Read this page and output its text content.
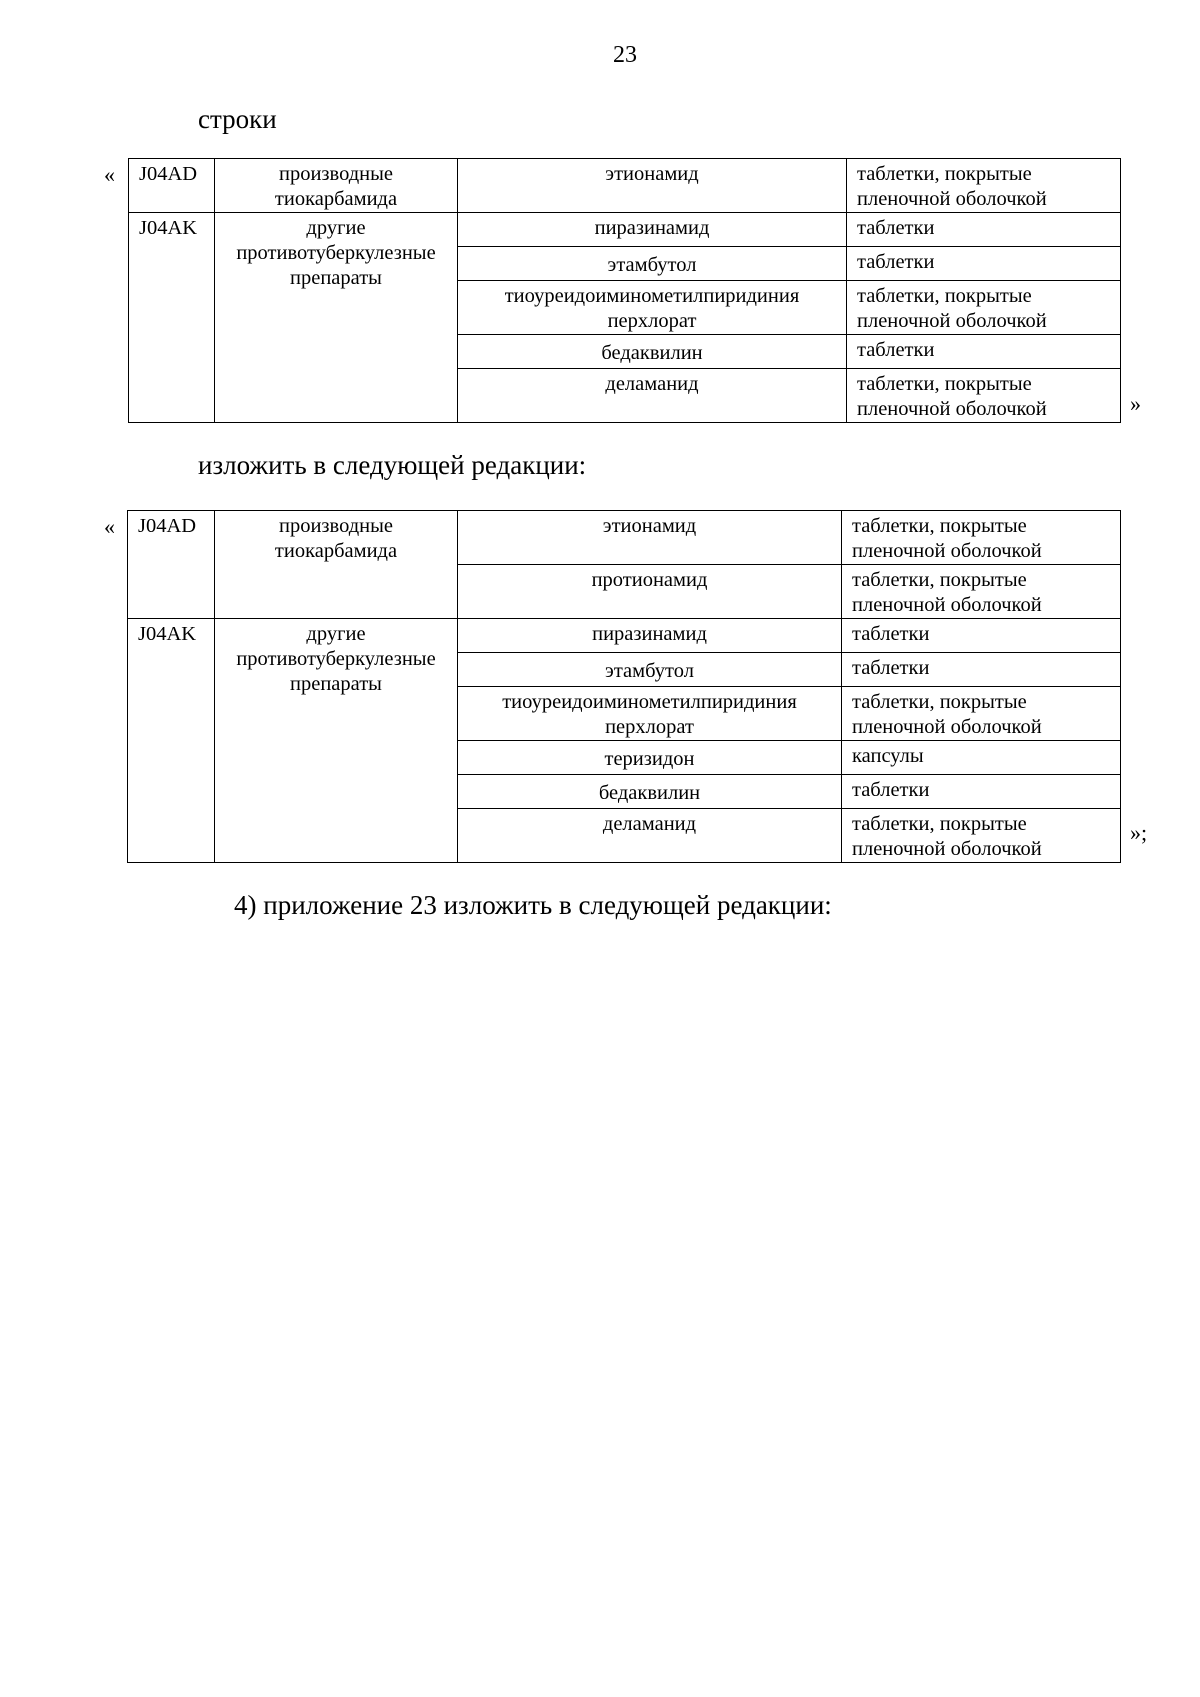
23
строки
« J04AD	производные
тиокарбамида	этионамид	таблетки, покрытые
пленочной оболочкой

J04AK	другие
противотуберкулезные
препараты	пиразинамид	таблетки

		этамбутол	таблетки

		тиоуреидоиминометилпиридиния
перхлорат	таблетки, покрытые
пленочной оболочкой

		бедаквилин	таблетки

		деламанид	таблетки, покрытые
пленочной оболочкой	»
изложить в следующей редакции:
« J04AD	производные
тиокарбамида	этионамид	таблетки, покрытые
пленочной оболочкой

		протионамид	таблетки, покрытые
пленочной оболочкой

J04AK	другие
противотуберкулезные
препараты	пиразинамид	таблетки

		этамбутол	таблетки

		тиоуреидоиминометилпиридиния
перхлорат	таблетки, покрытые
пленочной оболочкой

		теризидон	капсулы

		бедаквилин	таблетки

		деламанид	таблетки, покрытые
пленочной оболочкой
»;
4) приложение 23 изложить в следующей редакции:
